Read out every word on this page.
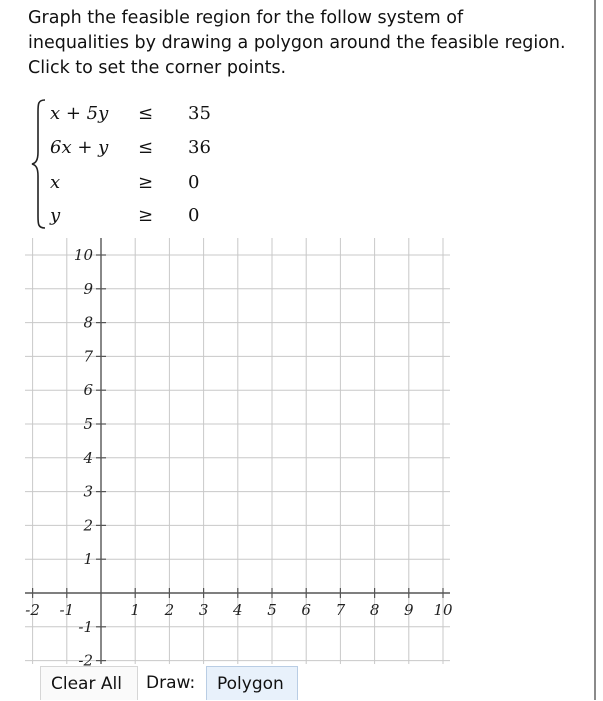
Graph the feasible region for the follow system of
inequalities by drawing a polygon around the feasible region.
Click to set the corner points.
x + 5y ≤ 35
6x + y ≤ 36
x	≥ 0
y	≥ 0
-2 -1	1 2 3 4 5 6 7 8 9 10
10
9
8
7
6
5
4
3
2
1
-1
-2
Clear All	Draw:	Polygon
